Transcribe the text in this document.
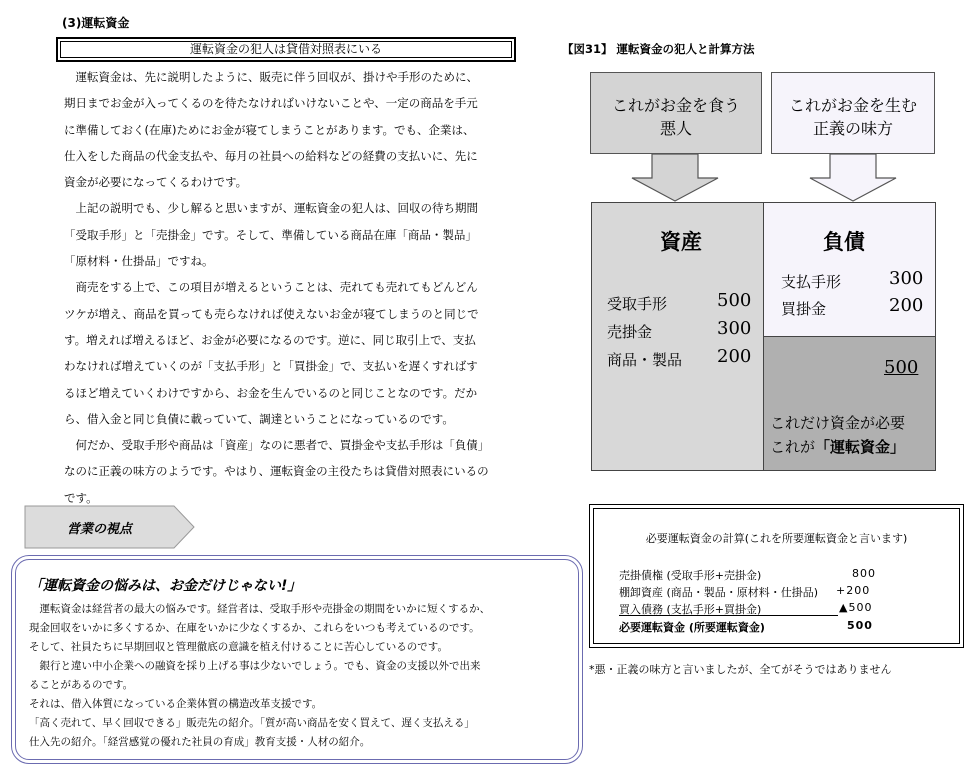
(3)運転資金
運転資金の犯人は貸借対照表にいる
　運転資金は、先に説明したように、販売に伴う回収が、掛けや手形のために、
期日までお金が入ってくるのを待たなければいけないことや、一定の商品を手元
に準備しておく(在庫)ためにお金が寝てしまうことがあります。でも、企業は、
仕入をした商品の代金支払や、毎月の社員への給料などの経費の支払いに、先に
資金が必要になってくるわけです。
　上記の説明でも、少し解ると思いますが、運転資金の犯人は、回収の待ち期間
「受取手形」と「売掛金」です。そして、準備している商品在庫「商品・製品」
「原材料・仕掛品」ですね。
　商売をする上で、この項目が増えるということは、売れても売れてもどんどん
ツケが増え、商品を買っても売らなければ使えないお金が寝てしまうのと同じで
す。増えれば増えるほど、お金が必要になるのです。逆に、同じ取引上で、支払
わなければ増えていくのが「支払手形」と「買掛金」で、支払いを遅くすればす
るほど増えていくわけですから、お金を生んでいるのと同じことなのです。だか
ら、借入金と同じ負債に載っていて、調達ということになっているのです。
　何だか、受取手形や商品は「資産」なのに悪者で、買掛金や支払手形は「負債」
なのに正義の味方のようです。やはり、運転資金の主役たちは貸借対照表にいるの
です。
【図31】 運転資金の犯人と計算方法
これがお金を食う
悪人
これがお金を生む
正義の味方
資産
受取手形	500
売掛金	300
商品・製品 200
負債
支払手形	300
買掛金	200
500
これだけ資金が必要
これが「運転資金」
営業の視点
「運転資金の悩みは、お金だけじゃない!」
　運転資金は経営者の最大の悩みです。経営者は、受取手形や売掛金の期間をいかに短くするか、
現金回収をいかに多くするか、在庫をいかに少なくするか、これらをいつも考えているのです。
そして、社員たちに早期回収と管理徹底の意識を植え付けることに苦心しているのです。
　銀行と違い中小企業への融資を採り上げる事は少ないでしょう。でも、資金の支援以外で出来
ることがあるのです。
それは、借入体質になっている企業体質の構造改革支援です。
「高く売れて、早く回収できる」販売先の紹介。「質が高い商品を安く買えて、遅く支払える」
仕入先の紹介。「経営感覚の優れた社員の育成」教育支援・人材の紹介。
必要運転資金の計算(これを所要運転資金と言います)
売掛債権 (受取手形+売掛金)	800
棚卸資産 (商品・製品・原材料・仕掛品) +200
買入債務 (支払手形+買掛金)	▲500
必要運転資金 (所要運転資金)	500
*悪・正義の味方と言いましたが、全てがそうではありません
